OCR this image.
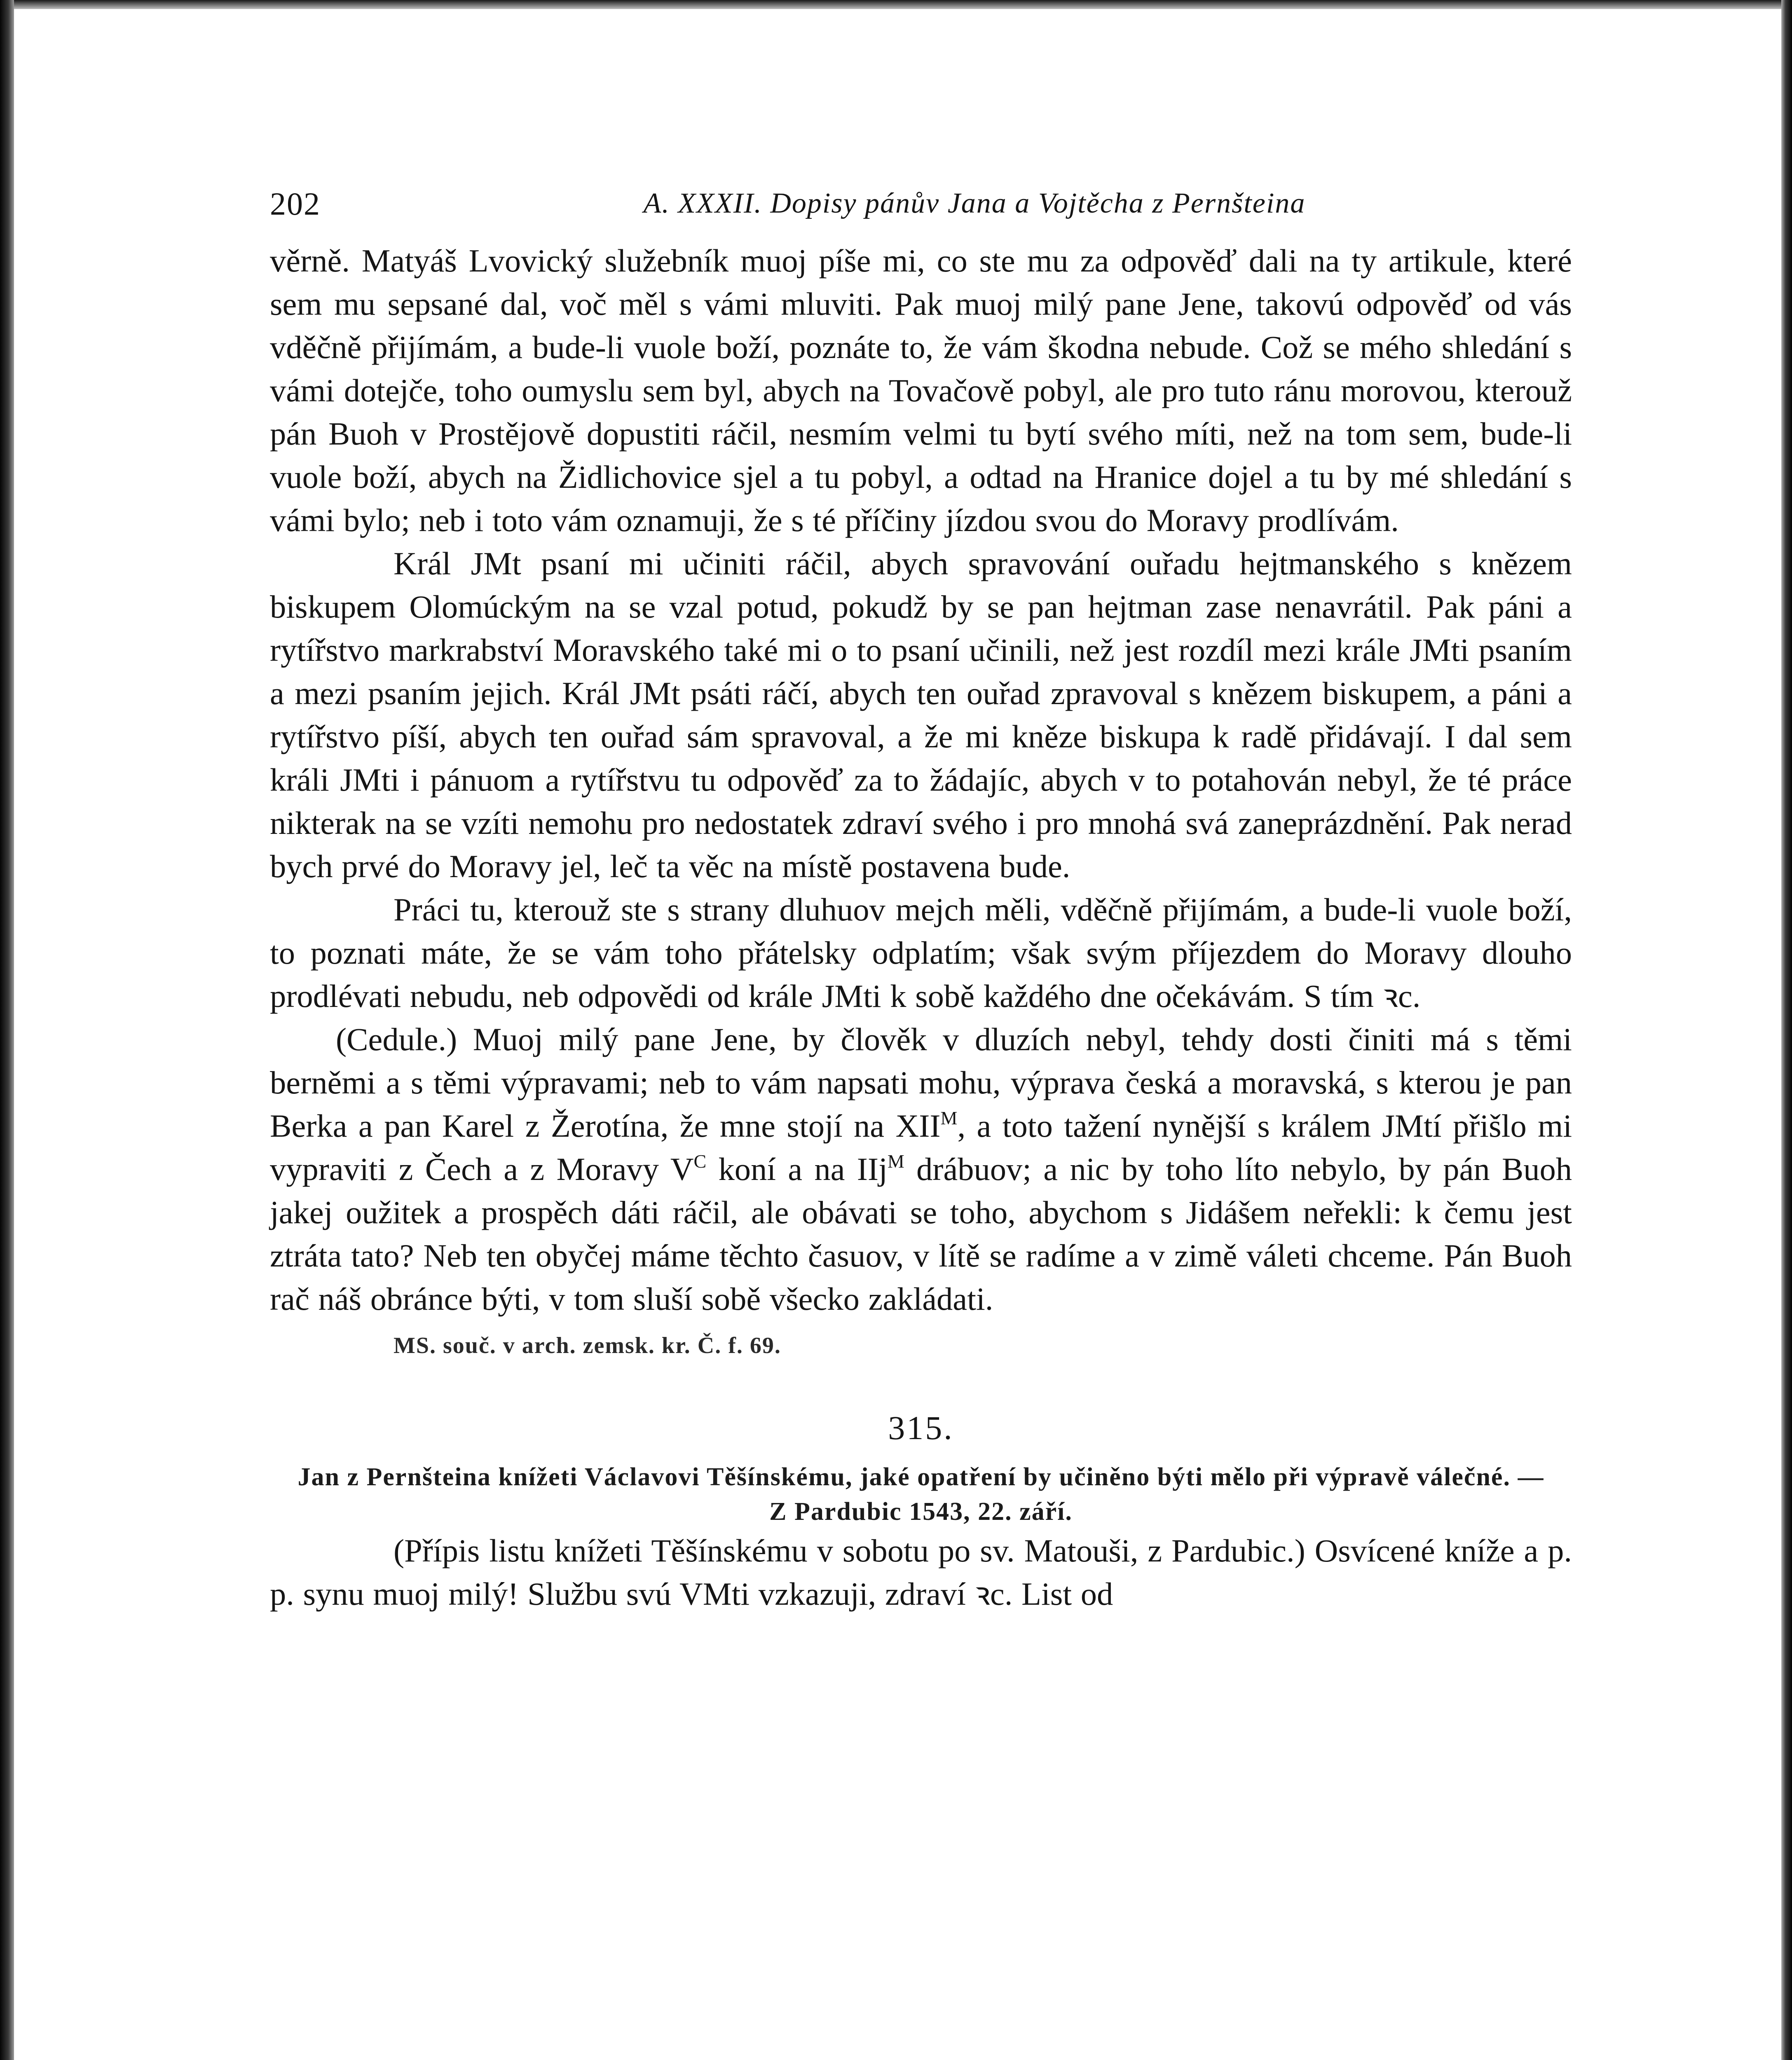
202	A. XXXII. Dopisy pánův Jana a Vojtěcha z Pernšteina

věrně. Matyáš Lvovický služebník muoj píše mi, co ste mu za odpověď dali na ty artikule, které sem mu sepsané dal, voč měl s vámi mluviti. Pak muoj milý pane Jene, takovú odpověď od vás vděčně přijímám, a bude-li vuole boží, poznáte to, že vám škodna nebude. Což se mého shledání s vámi dotejče, toho oumyslu sem byl, abych na Tovačově pobyl, ale pro tuto ránu morovou, kterouž pán Buoh v Prostějově dopustiti ráčil, nesmím velmi tu bytí svého míti, než na tom sem, bude-li vuole boží, abych na Židlichovice sjel a tu pobyl, a odtad na Hranice dojel a tu by mé shledání s vámi bylo; neb i toto vám oznamuji, že s té příčiny jízdou svou do Moravy prodlívám.

Král JMt psaní mi učiniti ráčil, abych spravování ouřadu hejtmanského s knězem biskupem Olomúckým na se vzal potud, pokudž by se pan hejtman zase nenavrátil. Pak páni a rytířstvo markrabství Moravského také mi o to psaní učinili, než jest rozdíl mezi krále JMti psaním a mezi psaním jejich. Král JMt psáti ráčí, abych ten ouřad zpravoval s knězem biskupem, a páni a rytířstvo píší, abych ten ouřad sám spravoval, a že mi kněze biskupa k radě přidávají. I dal sem králi JMti i pánuom a rytířstvu tu odpověď za to žádajíc, abych v to potahován nebyl, že té práce nikterak na se vzíti nemohu pro nedostatek zdraví svého i pro mnohá svá zaneprázdnění. Pak nerad bych prvé do Moravy jel, leč ta věc na místě postavena bude.

Práci tu, kterouž ste s strany dluhuov mejch měli, vděčně přijímám, a bude-li vuole boží, to poznati máte, že se vám toho přátelsky odplatím; však svým příjezdem do Moravy dlouho prodlévati nebudu, neb odpovědi od krále JMti k sobě každého dne očekávám. S tím ꝛc.

(Cedule.) Muoj milý pane Jene, by člověk v dluzích nebyl, tehdy dosti činiti má s těmi berněmi a s těmi výpravami; neb to vám napsati mohu, výprava česká a moravská, s kterou je pan Berka a pan Karel z Žerotína, že mne stojí na $XII^M$, a toto tažení nynější s králem JMtí přišlo mi vypraviti z Čech a z Moravy $V^C$ koní a na IIj$^M$ drábuov; a nic by toho líto nebylo, by pán Buoh jakej oužitek a prospěch dáti ráčil, ale obávati se toho, abychom s Jidášem neřekli: k čemu jest ztráta tato? Neb ten obyčej máme těchto časuov, v lítě se radíme a v zimě váleti chceme. Pán Buoh rač náš obránce býti, v tom sluší sobě všecko zakládati.

MS. souč. v arch. zemsk. kr. Č. f. 69.
315.
Jan z Pernšteina knížeti Václavovi Těšínskému, jaké opatření by učiněno býti mělo při výpravě válečné. — Z Pardubic 1543, 22. září.

(Přípis listu knížeti Těšínskému v sobotu po sv. Matouši, z Pardubic.) Osvícené kníže a p. p. synu muoj milý! Službu svú VMti vzkazuji, zdraví ꝛc. List od
